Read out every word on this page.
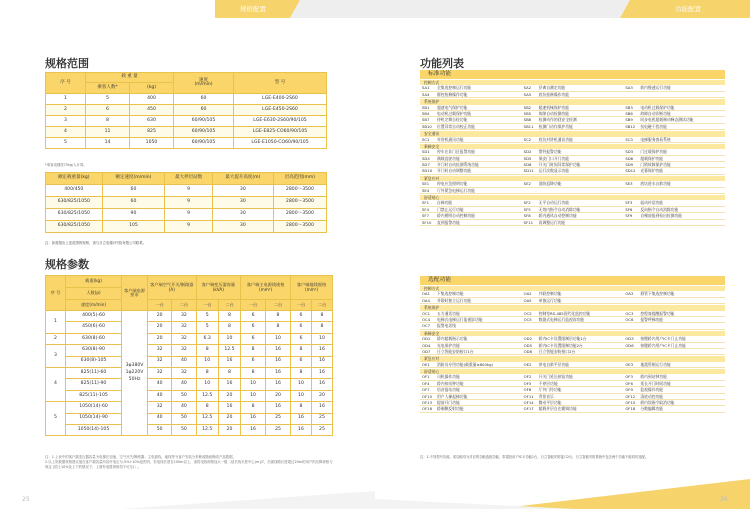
规格配置
规格范围
序 号	载 重 量		速度
(m/min)	型 号
	乘客人数*	(kg)		
1	5	400	60	LGE-E400-2S60
2	6	450	60	LGE-E450-2S60
3	8	630	60/90/105	LGE-E630-2S60/90/105
4	11	825	60/90/105	LGE-E825-CO60/90/105
5	14	1050	60/90/105	LGE-E1050-CO60/90/105
*乘客电梯按75kg/人计算。
额定载重量(kg)	额定速度(m/min)	最大停层站数	最大提升高度(m)	层高范围(mm)
400/450	60	9	30	2800～3500
630/825/1050	60	9	30	2800～3500
630/825/1050	90	9	30	2800～3500
630/825/1050	105	9	30	2800～3500
注：如需超出上述范围的规格，请与日立电梯(中国)有限公司联系。
规格参数
序 号	载重(kg)	客户端电源要求	客户端空气开关/断路器(A)		客户端变压器容量(kVA)		客户端主电源线规格(mm²)		客户端地线规格(mm²)	
	人数(p)									
	速度(m/min)		一台	二台	一台	二台	一台	二台	一台	二台
1	400(5)-60	3φ380V 1φ220V 50Hz	20	32	5	8	6	8	6	8
	450(6)-60		20	32	5	8	6	8	6	8
2	630(8)-60		20	32	6.3	10	6	10	6	10
3	630(8)-90		32	32	8	12.5	8	16	8	16
	630(8)-105		32	40	10	16	6	16	6	16
4	825(11)-60		32	32	8	8	8	16	8	16
	825(11)-90		40	40	10	16	10	16	10	16
	825(11)-105		40	50	12.5	20	10	20	10	20
5	1050(14)-60		32	40	8	16	8	16	8	16
	1050(14)-90		40	50	12.5	20	16	25	16	25
	1050(14)-105		50	50	12.5	20	16	25	16	25
注：1.上表中的客户端变压器容量为电梯在加速、空气开关/断路器、主电源线、地线等为客户安装分差修改随意修改产品数据。
2.以上所数据规格建议值在客户端容量所容许电压为-5%+10%范围内，若电线长度在100m以上，请将电线规格加大一级（延长线长度中心(m)/7，后面线路长度超过20m的用户的压降规格与规定 (国土10%及上下的情况下，上面有电缆规格均不可压)）。
25
功能配置
功能列表
标准功能
控制方式
SA1	全集选控制运行功能	SA2	层离自测定功能	SA3	轿内慢速运行功能
SA4	群控检修操作功能	SA5	底坑检修操作功能
系统保护
SB1	超速电气保护功能	SB2	超速机械保护功能	SB3	电动机过载保护功能
SB4	电动机过载保护功能	SB5	故障自动检测功能	SB6	故障自动诊断功能
SB7	待机定期自检功能	SB8	检测动作的回安全检测	SB9	同步电机超载制动释态测试功能
SB10	位置异常自动校正功能	SB11	检测门动作保护功能	SB12	抗电磁干扰功能
安全通讯
SC1	对讲机通讯功能	SC2	底坑对讲机通讯功能	SC3	电梯服务查看系统
乘梯安全
SD1	停车在非门区报警功能	SD2	警铃报警功能	SD3	门过载保护功能
SD4	满载直驶功能	SD5	保安门口开门功能	SD6	超载保护功能
SD7	开门时自动检测系统功能	SD8	开关门时间异常保护功能	SD9	门锁故障保护功能
SD10	开门时自动调整功能	SD11	运行次数显示功能	SD12	光幕保护功能
紧急应对
SE1	停电应急照明功能	SE2	消防返降功能	SE3	底坑进水自救功能
SE4	厅外紧急电梯运行功能
舒适贴心
SF1	自梯功能	SF2	无平自动运行功能	SF3	起动补偿功能
SF4	门禁止运行功能	SF5	无效内指令自动消除功能	SF6	反向指令自动消除功能
SF7	轿内照明自动控制功能	SF8	轿内通风自动控制功能	SF9	自噪前报到检出检测功能
SF10	直到报警功能	SF11	再调整运行功能
选配功能
控制方式
OA1	下集选控制功能	OA2	并联控制功能	OA3	群管下集选控制功能
OA4	并联时独立运行功能	OA5	单独运行功能
系统保护
OC1	五方通话功能	OC2	控制室RS-485现代化监控功能	OC3	控程客提醒报警功能
OC4	电梯式电梯运行监视屏功能	OC5	数据式电梯运行监视屏功能	OC6	报警呼梯功能
OC7	报警电话线
乘梯安全
OD1	轿内超载指示功能	OD2	轿内IC卡设置限制层功能1台	OD3	按键轿内用户IC卡门止功能
OD4	光电保护功能	OD5	轿内IC卡设置限制功能2台	OD6	按键轿内用户IC卡门止功能
OD7	日立智能安防接口1台	OD8	日立智能安防接口2台
紧急应对
OE1	消防员专用功能(载重量≥800kg)	OE2	停电自救平层功能	OE3	地震管制运行功能
舒适贴心
OF1	司机操作功能	OF2	开关门延长按钮功能	OF3	轿内到站钟功能
OF4	轿内按站钟功能	OF5	不停层功能	OF6	延长开门时间功能
OF7	语音报站功能	OF8	厅外门铃功能	OF9	监视操作功能
OF10	用户人梯起梯功能	OF11	背景音乐	OF12	清底动控功能
OF13	提前开门功能	OF14	微动平层功能	OF15	轿内误指令取消功能
OF16	轿厢侧反射功能	OF17	超载并层自在繁调功能	OF18	分数编辑功能
注：1.不同型号功能，或功能均为对应的功能选配功能，带超拍用户IC卡功能1台，日立智能安防接口2台，日立智能安防系统中包含两个功能不能同时选配。
26
